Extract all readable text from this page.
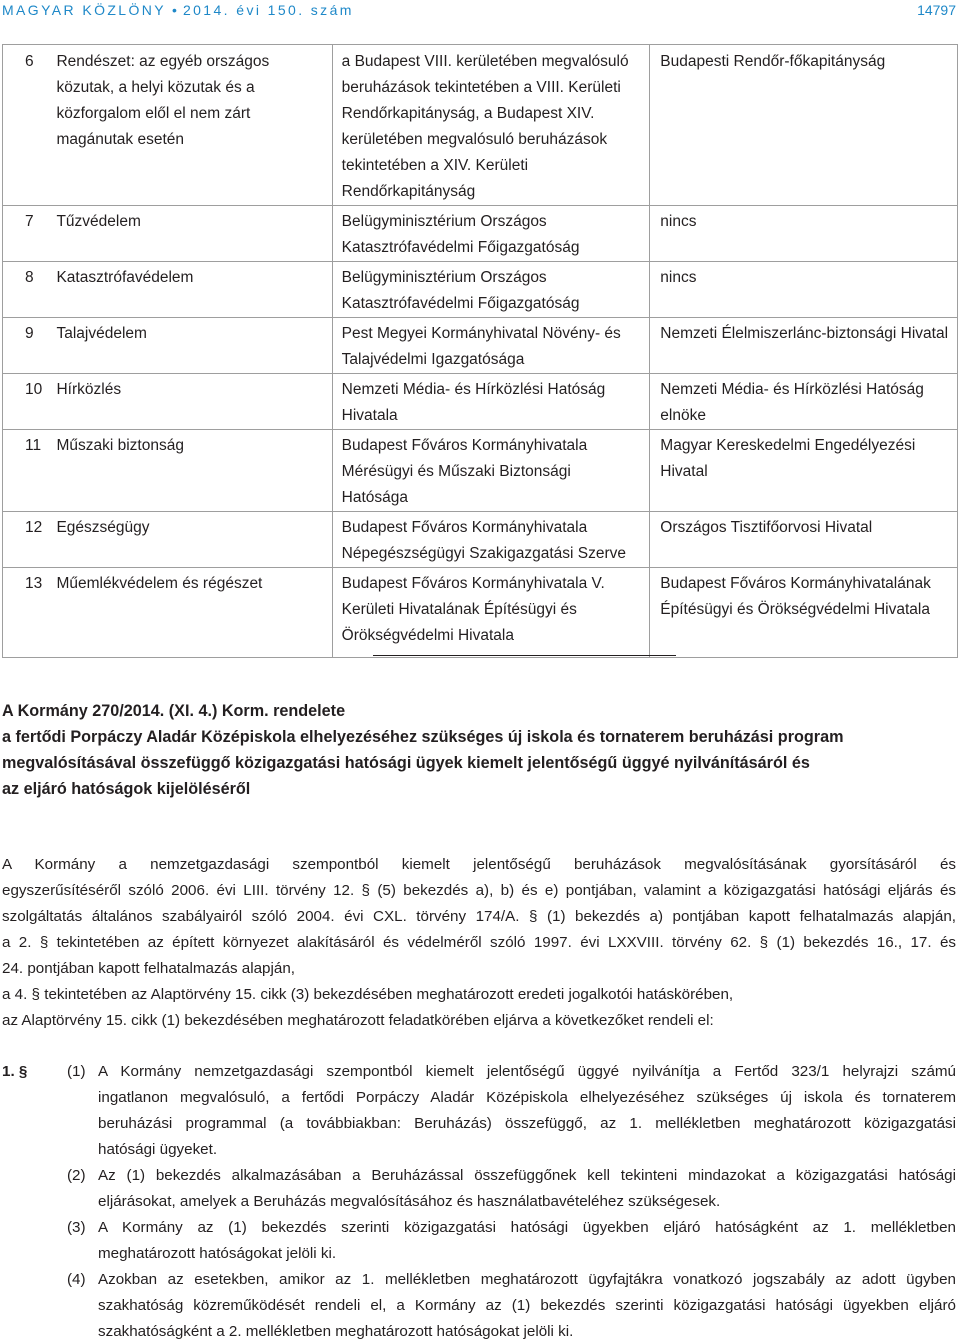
MAGYAR KÖZLÖNY • 2014. évi 150. szám	14797
6	Rendészet: az egyéb országos közutak, a helyi közutak és a közforgalom elől el nem zárt magánutak esetén	a Budapest VIII. kerületében megvalósuló beruházások tekintetében a VIII. Kerületi Rendőrkapitányság, a Budapest XIV. kerületében megvalósuló beruházások tekintetében a XIV. Kerületi Rendőrkapitányság	Budapesti Rendőr-főkapitányság
7	Tűzvédelem	Belügyminisztérium Országos Katasztrófavédelmi Főigazgatóság	nincs
8	Katasztrófavédelem	Belügyminisztérium Országos Katasztrófavédelmi Főigazgatóság	nincs
9	Talajvédelem	Pest Megyei Kormányhivatal Növény- és Talajvédelmi Igazgatósága	Nemzeti Élelmiszerlánc-biztonsági Hivatal
10	Hírközlés	Nemzeti Média- és Hírközlési Hatóság Hivatala	Nemzeti Média- és Hírközlési Hatóság elnöke
11	Műszaki biztonság	Budapest Főváros Kormányhivatala Mérésügyi és Műszaki Biztonsági Hatósága	Magyar Kereskedelmi Engedélyezési Hivatal
12	Egészségügy	Budapest Főváros Kormányhivatala Népegészségügyi Szakigazgatási Szerve	Országos Tisztifőorvosi Hivatal
13	Műemlékvédelem és régészet	Budapest Főváros Kormányhivatala V. Kerületi Hivatalának Építésügyi és Örökségvédelmi Hivatala	Budapest Főváros Kormányhivatalának Építésügyi és Örökségvédelmi Hivatala
A Kormány 270/2014. (XI. 4.) Korm. rendelete
a fertődi Porpáczy Aladár Középiskola elhelyezéséhez szükséges új iskola és tornaterem beruházási program
megvalósításával összefüggő közigazgatási hatósági ügyek kiemelt jelentőségű üggyé nyilvánításáról és
az eljáró hatóságok kijelöléséről
A Kormány a nemzetgazdasági szempontból kiemelt jelentőségű beruházások megvalósításának gyorsításáról és
egyszerűsítéséről szóló 2006. évi LIII. törvény 12. § (5) bekezdés a), b) és e) pontjában, valamint a közigazgatási hatósági eljárás és
szolgáltatás általános szabályairól szóló 2004. évi CXL. törvény 174/A. § (1) bekezdés a) pontjában kapott felhatalmazás alapján,
a 2. § tekintetében az épített környezet alakításáról és védelméről szóló 1997. évi LXXVIII. törvény 62. § (1) bekezdés 16., 17. és
24. pontjában kapott felhatalmazás alapján,
a 4. § tekintetében az Alaptörvény 15. cikk (3) bekezdésében meghatározott eredeti jogalkotói hatáskörében,
az Alaptörvény 15. cikk (1) bekezdésében meghatározott feladatkörében eljárva a következőket rendeli el:
1. §	(1) A Kormány nemzetgazdasági szempontból kiemelt jelentőségű üggyé nyilvánítja a Fertőd 323/1 helyrajzi számú
ingatlanon megvalósuló, a fertődi Porpáczy Aladár Középiskola elhelyezéséhez szükséges új iskola és tornaterem
beruházási programmal (a továbbiakban: Beruházás) összefüggő, az 1. mellékletben meghatározott közigazgatási
hatósági ügyeket.
(2) Az (1) bekezdés alkalmazásában a Beruházással összefüggőnek kell tekinteni mindazokat a közigazgatási hatósági
eljárásokat, amelyek a Beruházás megvalósításához és használatbavételéhez szükségesek.
(3) A Kormány az (1) bekezdés szerinti közigazgatási hatósági ügyekben eljáró hatóságként az 1. mellékletben
meghatározott hatóságokat jelöli ki.
(4) Azokban az esetekben, amikor az 1. mellékletben meghatározott ügyfajtákra vonatkozó jogszabály az adott ügyben
szakhatóság közreműködését rendeli el, a Kormány az (1) bekezdés szerinti közigazgatási hatósági ügyekben eljáró
szakhatóságként a 2. mellékletben meghatározott hatóságokat jelöli ki.
